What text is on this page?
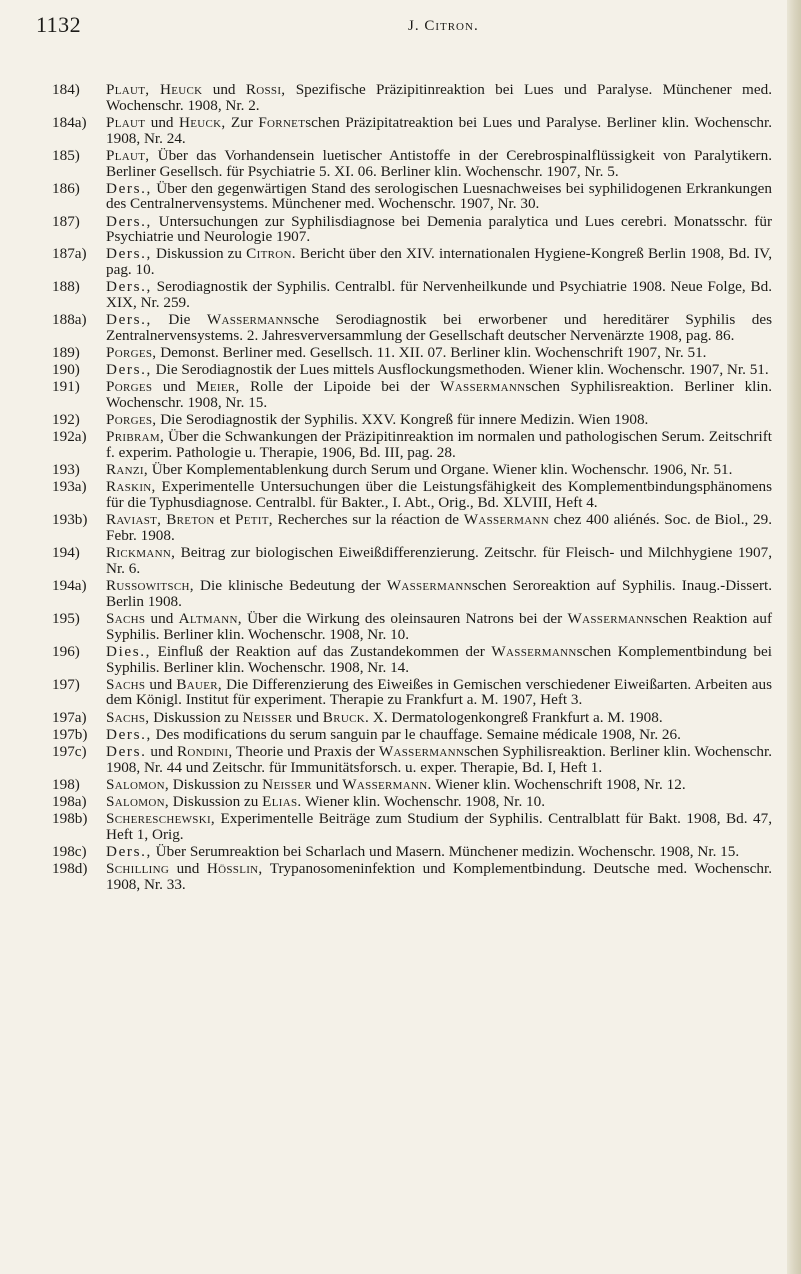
1132	J. Citron.
184) Plaut, Heuck und Rossi, Spezifische Präzipitinreaktion bei Lues und Paralyse. Münchener med. Wochenschr. 1908, Nr. 2.
184a) Plaut und Heuck, Zur Fornetschen Präzipitatreaktion bei Lues und Paralyse. Berliner klin. Wochenschr. 1908, Nr. 24.
185) Plaut, Über das Vorhandensein luetischer Antistoffe in der Cerebrospinalflüssigkeit von Paralytikern. Berliner Gesellsch. für Psychiatrie 5. XI. 06. Berliner klin. Wochenschr. 1907, Nr. 5.
186) Ders., Über den gegenwärtigen Stand des serologischen Luesnachweises bei syphilidogenen Erkrankungen des Centralnervensystems. Münchener med. Wochenschr. 1907, Nr. 30.
187) Ders., Untersuchungen zur Syphilisdiagnose bei Demenia paralytica und Lues cerebri. Monatsschr. für Psychiatrie und Neurologie 1907.
187a) Ders., Diskussion zu Citron. Bericht über den XIV. internationalen Hygiene-Kongreß Berlin 1908, Bd. IV, pag. 10.
188) Ders., Serodiagnostik der Syphilis. Centralbl. für Nervenheilkunde und Psychiatrie 1908. Neue Folge, Bd. XIX, Nr. 259.
188a) Ders., Die Wassermannsche Serodiagnostik bei erworbener und hereditärer Syphilis des Zentralnervensystems. 2. Jahresverversammlung der Gesellschaft deutscher Nervenärzte 1908, pag. 86.
189) Porges, Demonst. Berliner med. Gesellsch. 11. XII. 07. Berliner klin. Wochenschrift 1907, Nr. 51.
190) Ders., Die Serodiagnostik der Lues mittels Ausflockungsmethoden. Wiener klin. Wochenschr. 1907, Nr. 51.
191) Porges und Meier, Rolle der Lipoide bei der Wassermannschen Syphilisreaktion. Berliner klin. Wochenschr. 1908, Nr. 15.
192) Porges, Die Serodiagnostik der Syphilis. XXV. Kongreß für innere Medizin. Wien 1908.
192a) Pribram, Über die Schwankungen der Präzipitinreaktion im normalen und pathologischen Serum. Zeitschrift f. experim. Pathologie u. Therapie, 1906, Bd. III, pag. 28.
193) Ranzi, Über Komplementablenkung durch Serum und Organe. Wiener klin. Wochenschr. 1906, Nr. 51.
193a) Raskin, Experimentelle Untersuchungen über die Leistungsfähigkeit des Komplementbindungsphänomens für die Typhusdiagnose. Centralbl. für Bakter., I. Abt., Orig., Bd. XLVIII, Heft 4.
193b) Raviast, Breton et Petit, Recherches sur la réaction de Wassermann chez 400 aliénés. Soc. de Biol., 29. Febr. 1908.
194) Rickmann, Beitrag zur biologischen Eiweißdifferenzierung. Zeitschr. für Fleisch- und Milchhygiene 1907, Nr. 6.
194a) Russowitsch, Die klinische Bedeutung der Wassermannschen Seroreaktion auf Syphilis. Inaug.-Dissert. Berlin 1908.
195) Sachs und Altmann, Über die Wirkung des oleinsauren Natrons bei der Wassermannschen Reaktion auf Syphilis. Berliner klin. Wochenschr. 1908, Nr. 10.
196) Dies., Einfluß der Reaktion auf das Zustandekommen der Wassermannschen Komplementbindung bei Syphilis. Berliner klin. Wochenschr. 1908, Nr. 14.
197) Sachs und Bauer, Die Differenzierung des Eiweißes in Gemischen verschiedener Eiweißarten. Arbeiten aus dem Königl. Institut für experiment. Therapie zu Frankfurt a. M. 1907, Heft 3.
197a) Sachs, Diskussion zu Neisser und Bruck. X. Dermatologenkongreß Frankfurt a. M. 1908.
197b) Ders., Des modifications du serum sanguin par le chauffage. Semaine médicale 1908, Nr. 26.
197c) Ders. und Rondini, Theorie und Praxis der Wassermannschen Syphilisreaktion. Berliner klin. Wochenschr. 1908, Nr. 44 und Zeitschr. für Immunitätsforsch. u. exper. Therapie, Bd. I, Heft 1.
198) Salomon, Diskussion zu Neisser und Wassermann. Wiener klin. Wochenschrift 1908, Nr. 12.
198a) Salomon, Diskussion zu Elias. Wiener klin. Wochenschr. 1908, Nr. 10.
198b) Schereschewski, Experimentelle Beiträge zum Studium der Syphilis. Centralblatt für Bakt. 1908, Bd. 47, Heft 1, Orig.
198c) Ders., Über Serumreaktion bei Scharlach und Masern. Münchener medizin. Wochenschr. 1908, Nr. 15.
198d) Schilling und Hösslin, Trypanosomeninfektion und Komplementbindung. Deutsche med. Wochenschr. 1908, Nr. 33.
